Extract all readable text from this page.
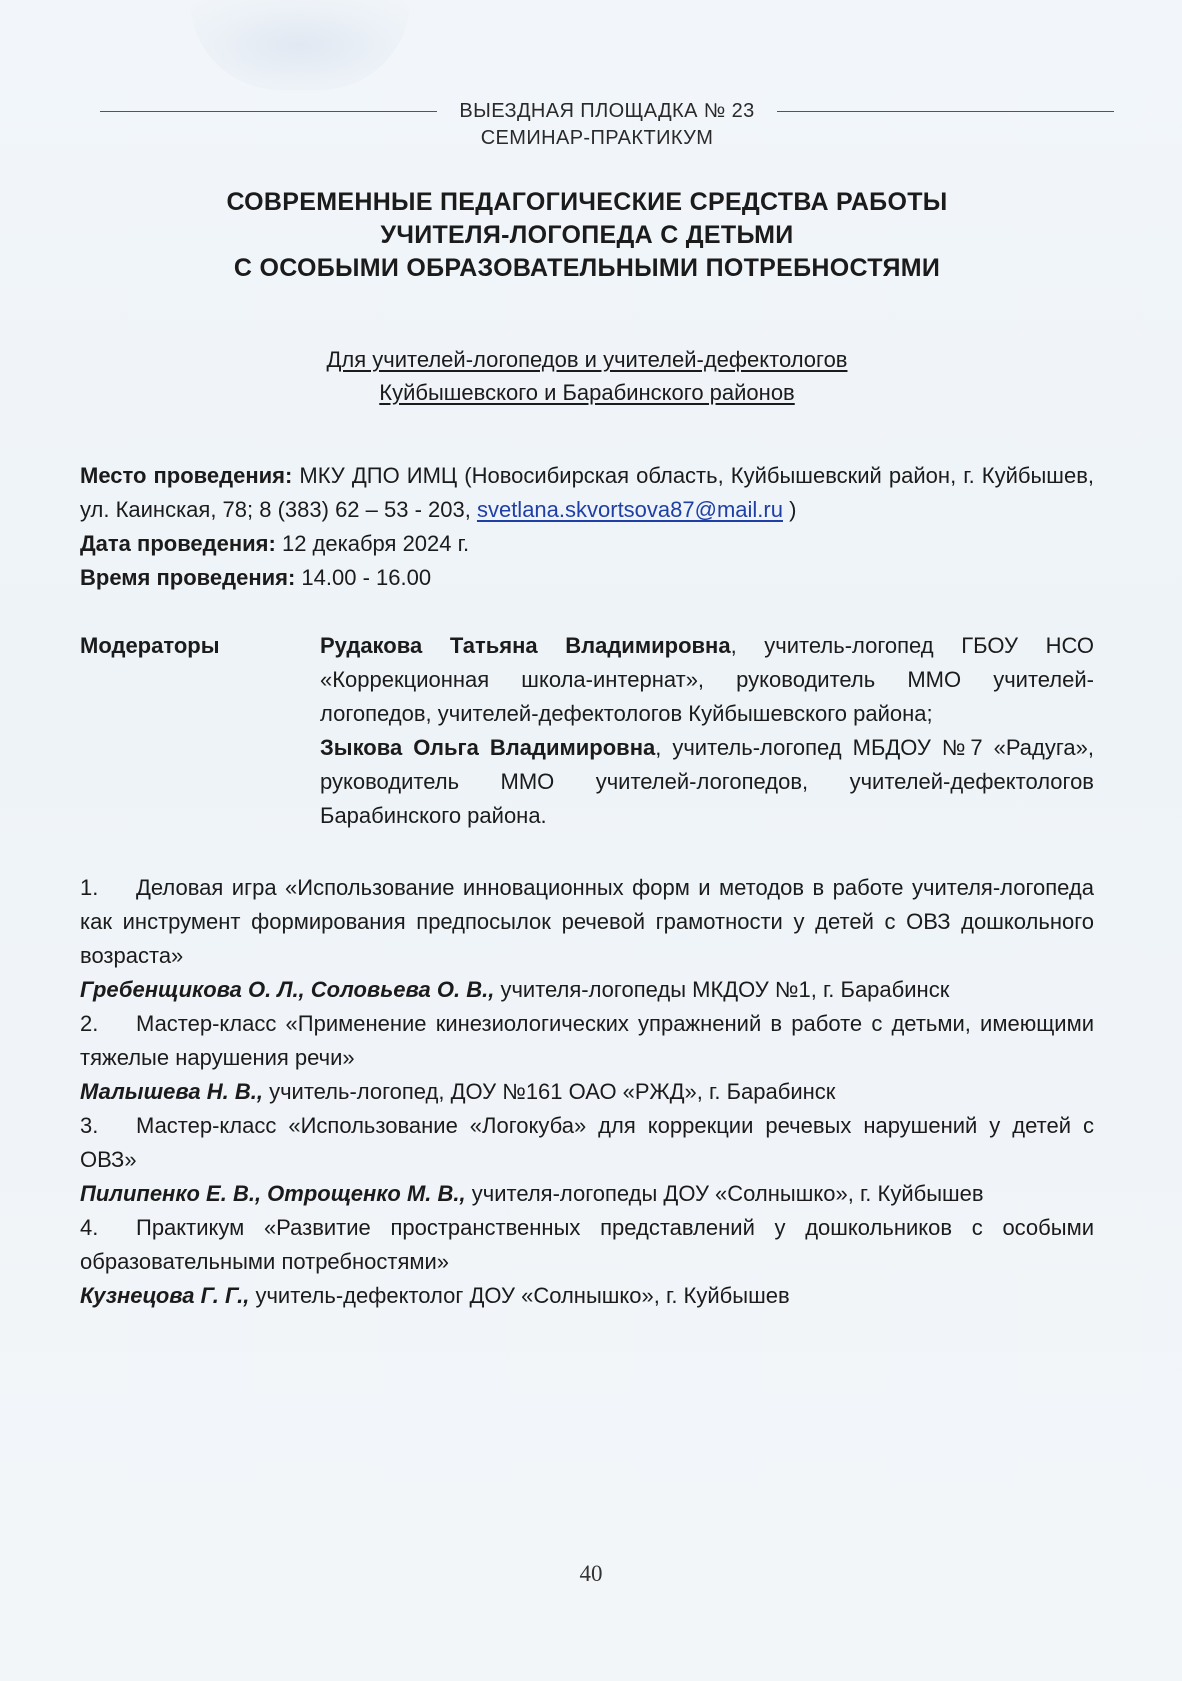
ВЫЕЗДНАЯ ПЛОЩАДКА № 23
СЕМИНАР-ПРАКТИКУМ
СОВРЕМЕННЫЕ ПЕДАГОГИЧЕСКИЕ СРЕДСТВА РАБОТЫ
УЧИТЕЛЯ-ЛОГОПЕДА С ДЕТЬМИ
С ОСОБЫМИ ОБРАЗОВАТЕЛЬНЫМИ ПОТРЕБНОСТЯМИ
Для учителей-логопедов и учителей-дефектологов
Куйбышевского и Барабинского районов
Место проведения: МКУ ДПО ИМЦ (Новосибирская область, Куйбышевский район, г. Куйбышев, ул. Каинская, 78; 8 (383) 62 – 53 - 203, svetlana.skvortsova87@mail.ru )
Дата проведения: 12 декабря 2024 г.
Время проведения: 14.00 - 16.00
Модераторы	Рудакова Татьяна Владимировна, учитель-логопед ГБОУ НСО «Коррекционная школа-интернат», руководитель ММО учителей-логопедов, учителей-дефектологов Куйбышевского района;
Зыкова Ольга Владимировна, учитель-логопед МБДОУ №7 «Радуга», руководитель ММО учителей-логопедов, учителей-дефектологов Барабинского района.
1. Деловая игра «Использование инновационных форм и методов в работе учителя-логопеда как инструмент формирования предпосылок речевой грамотности у детей с ОВЗ дошкольного возраста»
Гребенщикова О. Л., Соловьева О. В., учителя-логопеды МКДОУ №1, г. Барабинск
2. Мастер-класс «Применение кинезиологических упражнений в работе с детьми, имеющими тяжелые нарушения речи»
Малышева Н. В., учитель-логопед, ДОУ №161 ОАО «РЖД», г. Барабинск
3. Мастер-класс «Использование «Логокуба» для коррекции речевых нарушений у детей с ОВЗ»
Пилипенко Е. В., Отрощенко М. В., учителя-логопеды ДОУ «Солнышко», г. Куйбышев
4. Практикум «Развитие пространственных представлений у дошкольников с особыми образовательными потребностями»
Кузнецова Г. Г., учитель-дефектолог ДОУ «Солнышко», г. Куйбышев
40
